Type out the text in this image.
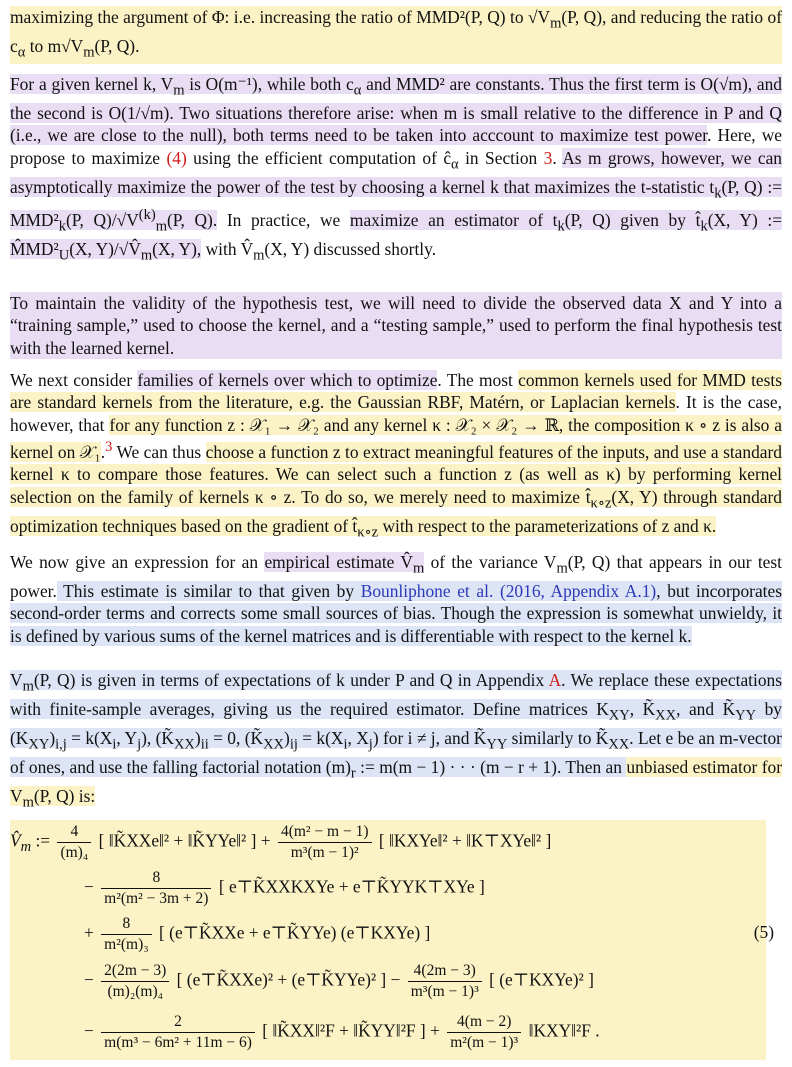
maximizing the argument of Φ: i.e. increasing the ratio of MMD²(P, Q) to $√V_m(P$, Q), and reducing the ratio of $c_\alpha$ to $m√V_m(P$, Q).

For a given kernel k, $V_m$ is O(m⁻¹), while both $c_\alpha$ and MMD² are constants. Thus the first term is O(√m), and the second is O(1/√m). Two situations therefore arise: when m is small relative to the difference in P and Q (i.e., we are close to the null), both terms need to be taken into acccount to maximize test power. Here, we propose to maximize (4) using the efficient computation of $ĉ_\alpha$ in Section 3. As m grows, however, we can asymptotically maximize the power of the test by choosing a kernel k that maximizes the t-statistic $t_k(P$, Q) := $MMD^2_k(P$, $Q)/√V^{(k)}_m(P$, Q). In practice, we maximize an estimator of $t_k(P$, Q) given by $t̂_k(X$, Y) := $M̂MD^2_U(X$, $Y)/√V̂_m(X$, Y), with $V̂_m(X$, Y) discussed shortly.

To maintain the validity of the hypothesis test, we will need to divide the observed data X and Y into a “training sample,” used to choose the kernel, and a “testing sample,” used to perform the final hypothesis test with the learned kernel.

We next consider families of kernels over which to optimize. The most common kernels used for MMD tests are standard kernels from the literature, e.g. the Gaussian RBF, Matérn, or Laplacian kernels. It is the case, however, that for any function z : 𝒳₁ → 𝒳₂ and any kernel κ : 𝒳₂ × 𝒳₂ → ℝ, the composition κ ∘ z is also a kernel on 𝒳₁.$^3$ We can thus choose a function z to extract meaningful features of the inputs, and use a standard kernel κ to compare those features. We can select such a function z (as well as κ) by performing kernel selection on the family of kernels κ ∘ z. To do so, we merely need to maximize $t̂_{\kappa\circ z}(X$, Y) through standard optimization techniques based on the gradient of $t̂_{\kappa\circ z}$ with respect to the parameterizations of z and κ.

We now give an expression for an empirical estimate $V̂_m$ of the variance $V_m(P$, Q) that appears in our test power. This estimate is similar to that given by Bounliphone et al. (2016, Appendix A.1), but incorporates second-order terms and corrects some small sources of bias. Though the expression is somewhat unwieldy, it is defined by various sums of the kernel matrices and is differentiable with respect to the kernel k.

$V_m(P$, Q) is given in terms of expectations of k under P and Q in Appendix A. We replace these expectations with finite-sample averages, giving us the required estimator. Define matrices $K_{XY}$, $K̃_{XX}$, and $K̃_{YY}$ by $(K_{XY})_{i,j} = k(X_i$, $Y_j$), $(K̃_{XX})_{ii} = 0$, $(K̃_{XX})_{ij} = k(X_i$, $X_j$) for i ≠ j, and $K̃_{YY}$ similarly to $K̃_{XX}$. Let e be an m-vector of ones, and use the falling factorial notation $(m)_r$ := m(m − 1) · · · (m − r + 1). Then an unbiased estimator for $V_m(P$, Q) is:

$V̂_m$ := $\frac{4}{\text{(m)₄}}$ [ ‖K̃XXe‖² + ‖K̃YYe‖² ] + $\frac{\text{4(m² − m − 1)}}{\text{m³(m − 1)²}}$ [ ‖KXYe‖² + ‖K⊤XYe‖² ]
− $\frac{8}{\text{m²(m² − 3m + 2)}}$ [ e⊤K̃XXKXYe + e⊤K̃YYK⊤XYe ]
+ $\frac{8}{\text{m²(m)₃}}$ [ (e⊤K̃XXe + e⊤K̃YYe) (e⊤KXYe) ]
− $\frac{2(2m - 3)}{\text{(m)₂(m)₄}}$ [ (e⊤K̃XXe)² + (e⊤K̃YYe)² ] − $\frac{4(2m - 3)}{\text{m³(m − 1)³}}$ [ (e⊤KXYe)² ]
− $\frac{2}{\text{m(m³ − 6m² + 11m − 6)}}$ [ ‖K̃XX‖²F + ‖K̃YY‖²F ] + $\frac{4(m - 2)}{\text{m²(m − 1)³}}$ ‖KXY‖²F .
(5)
